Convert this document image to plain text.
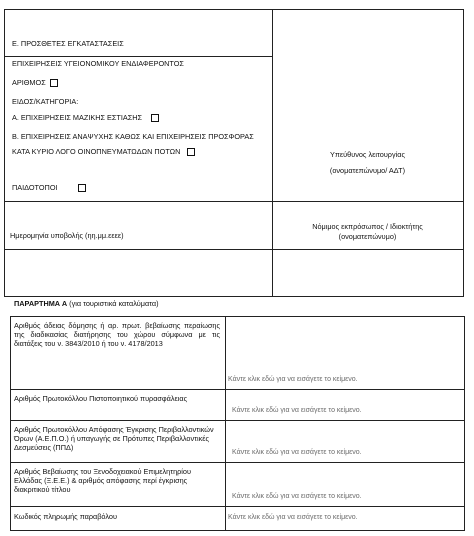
Ε. ΠΡΟΣΘΕΤΕΣ ΕΓΚΑΤΑΣΤΑΣΕΙΣ
ΕΠΙΧΕΙΡΗΣΕΙΣ ΥΓΕΙΟΝΟΜΙΚΟΥ ΕΝΔΙΑΦΕΡΟΝΤΟΣ
ΑΡΙΘΜΟΣ
ΕΙΔΟΣ/ΚΑΤΗΓΟΡΙΑ:
Α. ΕΠΙΧΕΙΡΗΣΕΙΣ ΜΑΖΙΚΗΣ ΕΣΤΙΑΣΗΣ
Β. ΕΠΙΧΕΙΡΗΣΕΙΣ ΑΝΑΨΥΧΗΣ ΚΑΘΩΣ ΚΑΙ ΕΠΙΧΕΙΡΗΣΕΙΣ ΠΡΟΣΦΟΡΑΣ
ΚΑΤΑ ΚΥΡΙΟ ΛΟΓΟ ΟΙΝΟΠΝΕΥΜΑΤΩΔΩΝ ΠΟΤΩΝ
ΠΑΙΔΟΤΟΠΟΙ
Υπεύθυνος λειτουργίας
(ονοματεπώνυμο/ ΑΔΤ)
Ημερομηνία υποβολής (ηη.μμ.εεεε)
Νόμιμος εκπρόσωπος / Ιδιοκτήτης
(ονοματεπώνυμο)
ΠΑΡΑΡΤΗΜΑ Α (για τουριστικά καταλύματα)
Αριθμός άδειας δόμησης ή αρ. πρωτ. βεβαίωσης περαίωσης της διαδικασίας διατήρησης του χώρου σύμφωνα με τις διατάξεις του ν. 3843/2010 ή του ν. 4178/2013
Κάντε κλικ εδώ για να εισάγετε το κείμενο.
Αριθμός Πρωτοκόλλου Πιστοποιητικού πυρασφάλειας
Κάντε κλικ εδώ για να εισάγετε το κείμενο.
Αριθμός Πρωτοκόλλου Απόφασης Έγκρισης Περιβαλλοντικών Όρων (Α.Ε.Π.Ο.) ή υπαγωγής σε Πρότυπες Περιβαλλοντικές Δεσμεύσεις (ΠΠΔ)
Κάντε κλικ εδώ για να εισάγετε το κείμενο.
Αριθμός Βεβαίωσης του Ξενοδοχειακού Επιμελητηρίου Ελλάδας (Ξ.Ε.Ε.) & αριθμός απόφασης περί έγκρισης διακριτικού τίτλου
Κάντε κλικ εδώ για να εισάγετε το κείμενο.
Κωδικός πληρωμής παραβόλου	Κάντε κλικ εδώ για να εισάγετε το κείμενο.
